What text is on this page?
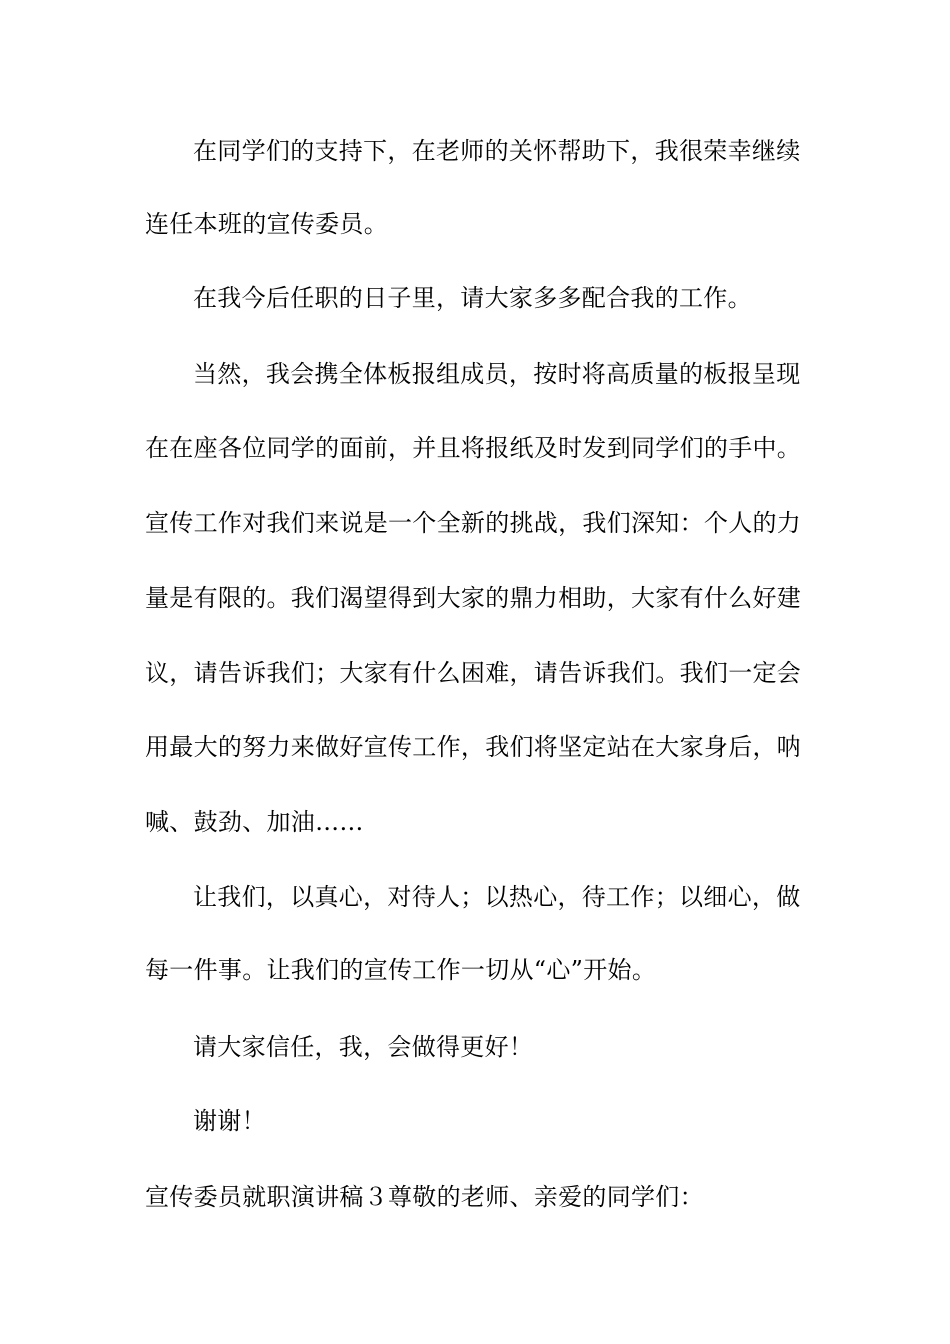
在同学们的支持下，在老师的关怀帮助下，我很荣幸继续
连任本班的宣传委员。
在我今后任职的日子里，请大家多多配合我的工作。
当然，我会携全体板报组成员，按时将高质量的板报呈现
在在座各位同学的面前，并且将报纸及时发到同学们的手中。
宣传工作对我们来说是一个全新的挑战，我们深知：个人的力
量是有限的。我们渴望得到大家的鼎力相助，大家有什么好建
议，请告诉我们；大家有什么困难，请告诉我们。我们一定会
用最大的努力来做好宣传工作，我们将坚定站在大家身后，呐
喊、鼓劲、加油……
让我们，以真心，对待人；以热心，待工作；以细心，做
每一件事。让我们的宣传工作一切从“心”开始。
请大家信任，我，会做得更好！
谢谢！
宣传委员就职演讲稿３尊敬的老师、亲爱的同学们：
